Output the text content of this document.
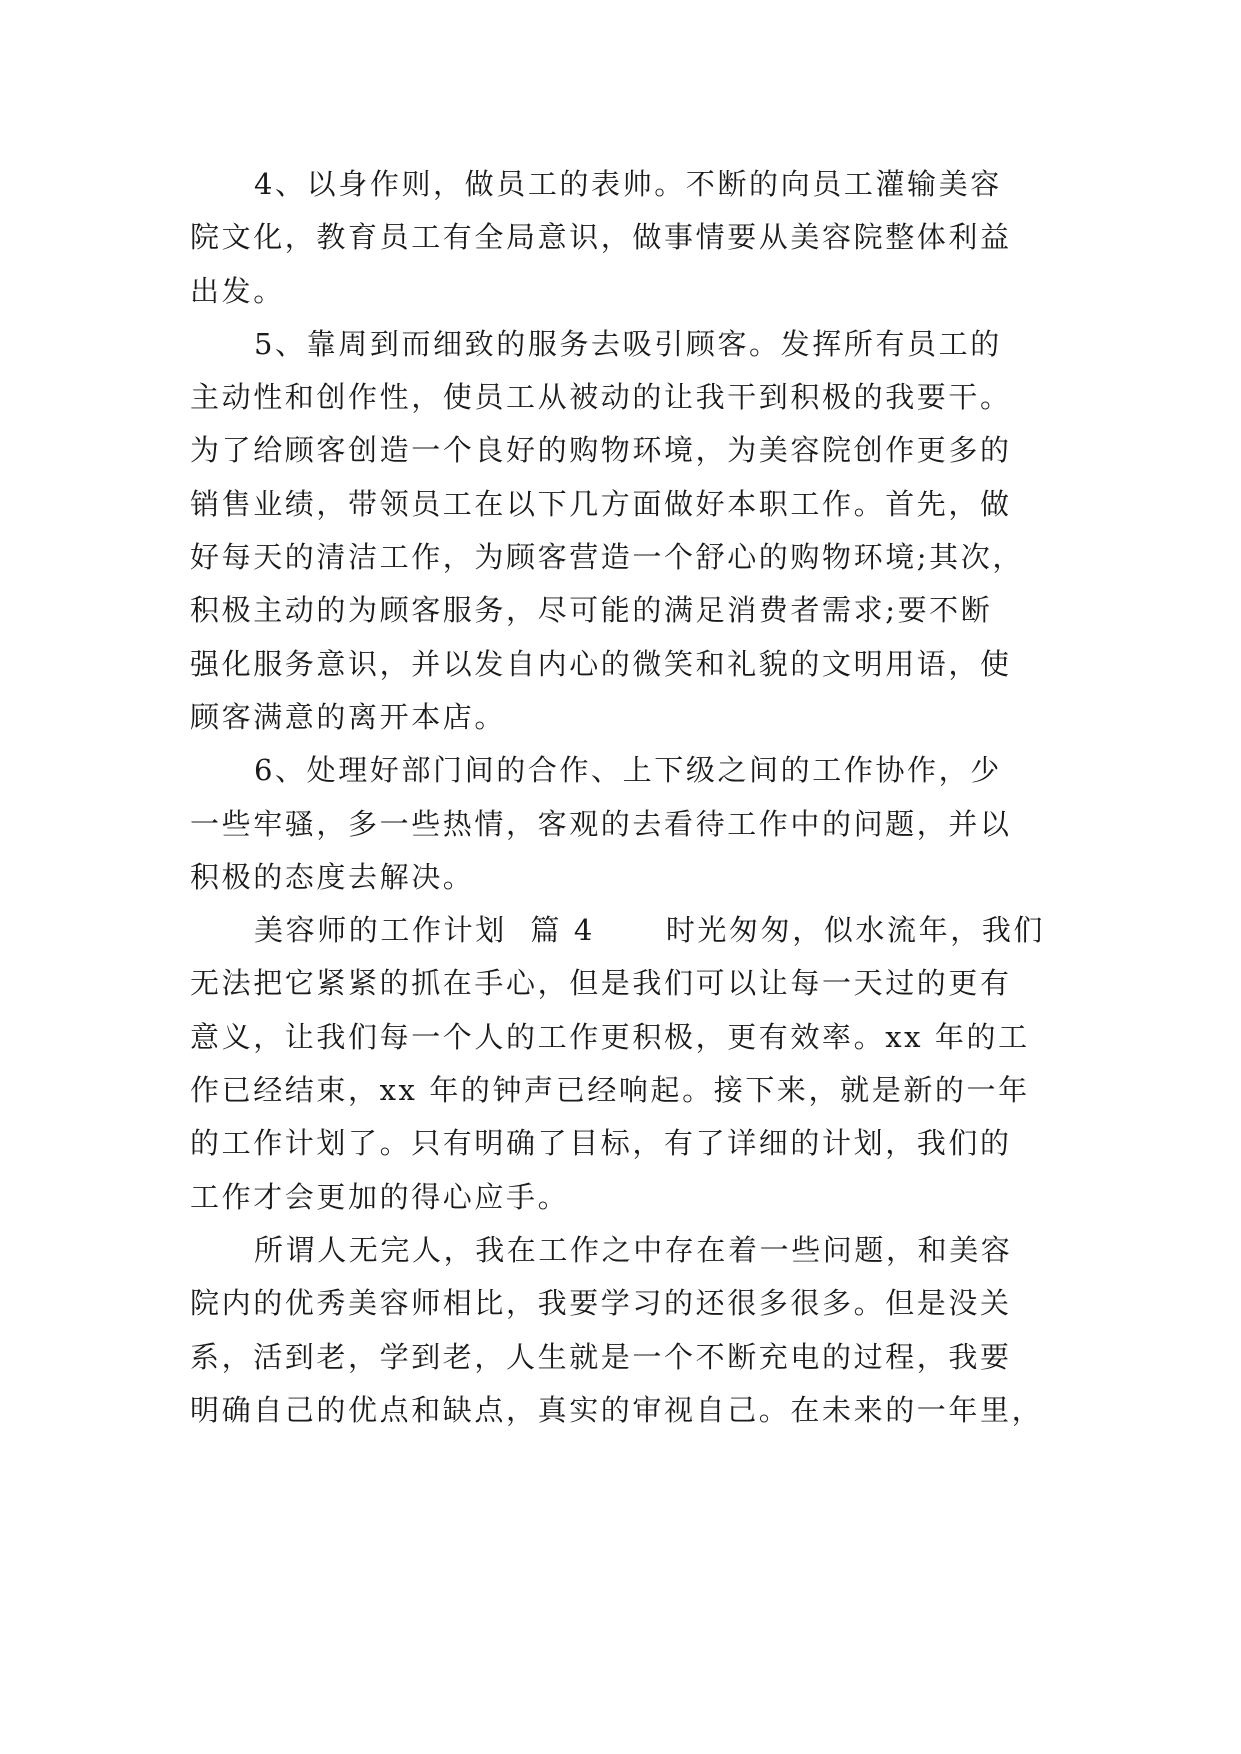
4、以身作则，做员工的表帅。不断的向员工灌输美容
院文化，教育员工有全局意识，做事情要从美容院整体利益
出发。
5、靠周到而细致的服务去吸引顾客。发挥所有员工的
主动性和创作性，使员工从被动的让我干到积极的我要干。
为了给顾客创造一个良好的购物环境，为美容院创作更多的
销售业绩，带领员工在以下几方面做好本职工作。首先，做
好每天的清洁工作，为顾客营造一个舒心的购物环境;其次，
积极主动的为顾客服务，尽可能的满足消费者需求;要不断
强化服务意识，并以发自内心的微笑和礼貌的文明用语，使
顾客满意的离开本店。
6、处理好部门间的合作、上下级之间的工作协作，少
一些牢骚，多一些热情，客观的去看待工作中的问题，并以
积极的态度去解决。
美容师的工作计划  篇 4      时光匆匆，似水流年，我们
无法把它紧紧的抓在手心，但是我们可以让每一天过的更有
意义，让我们每一个人的工作更积极，更有效率。xx 年的工
作已经结束，xx 年的钟声已经响起。接下来，就是新的一年
的工作计划了。只有明确了目标，有了详细的计划，我们的
工作才会更加的得心应手。
所谓人无完人，我在工作之中存在着一些问题，和美容
院内的优秀美容师相比，我要学习的还很多很多。但是没关
系，活到老，学到老，人生就是一个不断充电的过程，我要
明确自己的优点和缺点，真实的审视自己。在未来的一年里，
